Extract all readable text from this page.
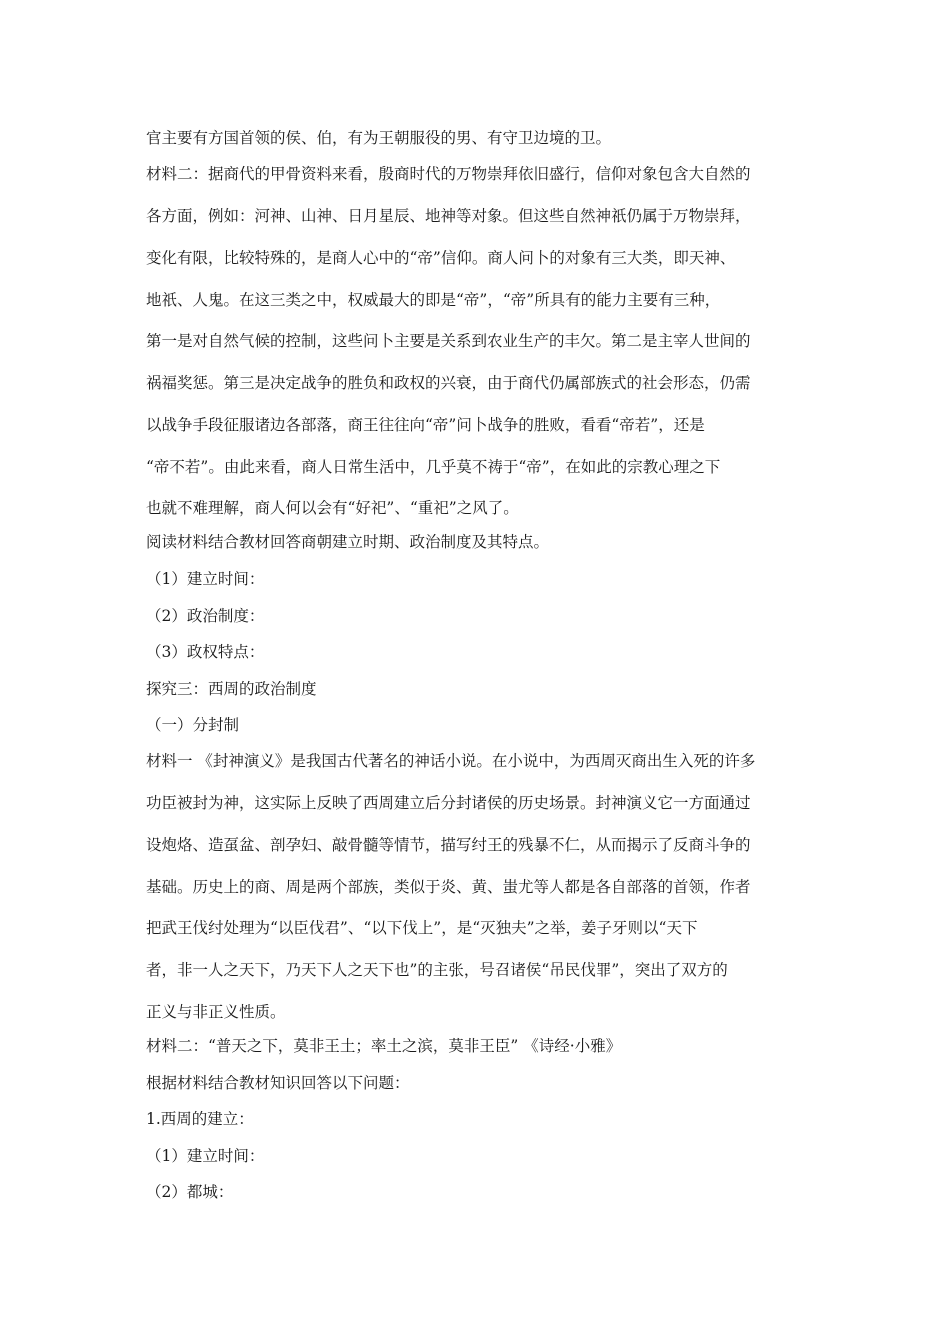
官主要有方国首领的侯、伯，有为王朝服役的男、有守卫边境的卫。
材料二：据商代的甲骨资料来看，殷商时代的万物崇拜依旧盛行，信仰对象包含大自然的
各方面，例如：河神、山神、日月星辰、地神等对象。但这些自然神祇仍属于万物崇拜，
变化有限，比较特殊的，是商人心中的“帝”信仰。商人问卜的对象有三大类，即天神、
地祇、人鬼。在这三类之中，权威最大的即是“帝”，“帝”所具有的能力主要有三种，
第一是对自然气候的控制，这些问卜主要是关系到农业生产的丰欠。第二是主宰人世间的
祸福奖惩。第三是决定战争的胜负和政权的兴衰，由于商代仍属部族式的社会形态，仍需
以战争手段征服诸边各部落，商王往往向“帝”问卜战争的胜败，看看“帝若”，还是
“帝不若”。由此来看，商人日常生活中，几乎莫不祷于“帝”，在如此的宗教心理之下
也就不难理解，商人何以会有“好祀”、“重祀”之风了。
阅读材料结合教材回答商朝建立时期、政治制度及其特点。
（1）建立时间：
（2）政治制度：
（3）政权特点：
探究三：西周的政治制度
（一）分封制
材料一 《封神演义》是我国古代著名的神话小说。在小说中，为西周灭商出生入死的许多
功臣被封为神，这实际上反映了西周建立后分封诸侯的历史场景。封神演义它一方面通过
设炮烙、造虿盆、剖孕妇、敲骨髓等情节，描写纣王的残暴不仁，从而揭示了反商斗争的
基础。历史上的商、周是两个部族，类似于炎、黄、蚩尤等人都是各自部落的首领，作者
把武王伐纣处理为“以臣伐君”、“以下伐上”，是“灭独夫”之举，姜子牙则以“天下
者，非一人之天下，乃天下人之天下也”的主张，号召诸侯“吊民伐罪”，突出了双方的
正义与非正义性质。
材料二：“普天之下，莫非王土；率土之滨，莫非王臣” 《诗经·小雅》
根据材料结合教材知识回答以下问题：
1.西周的建立：
（1）建立时间：
（2）都城：
